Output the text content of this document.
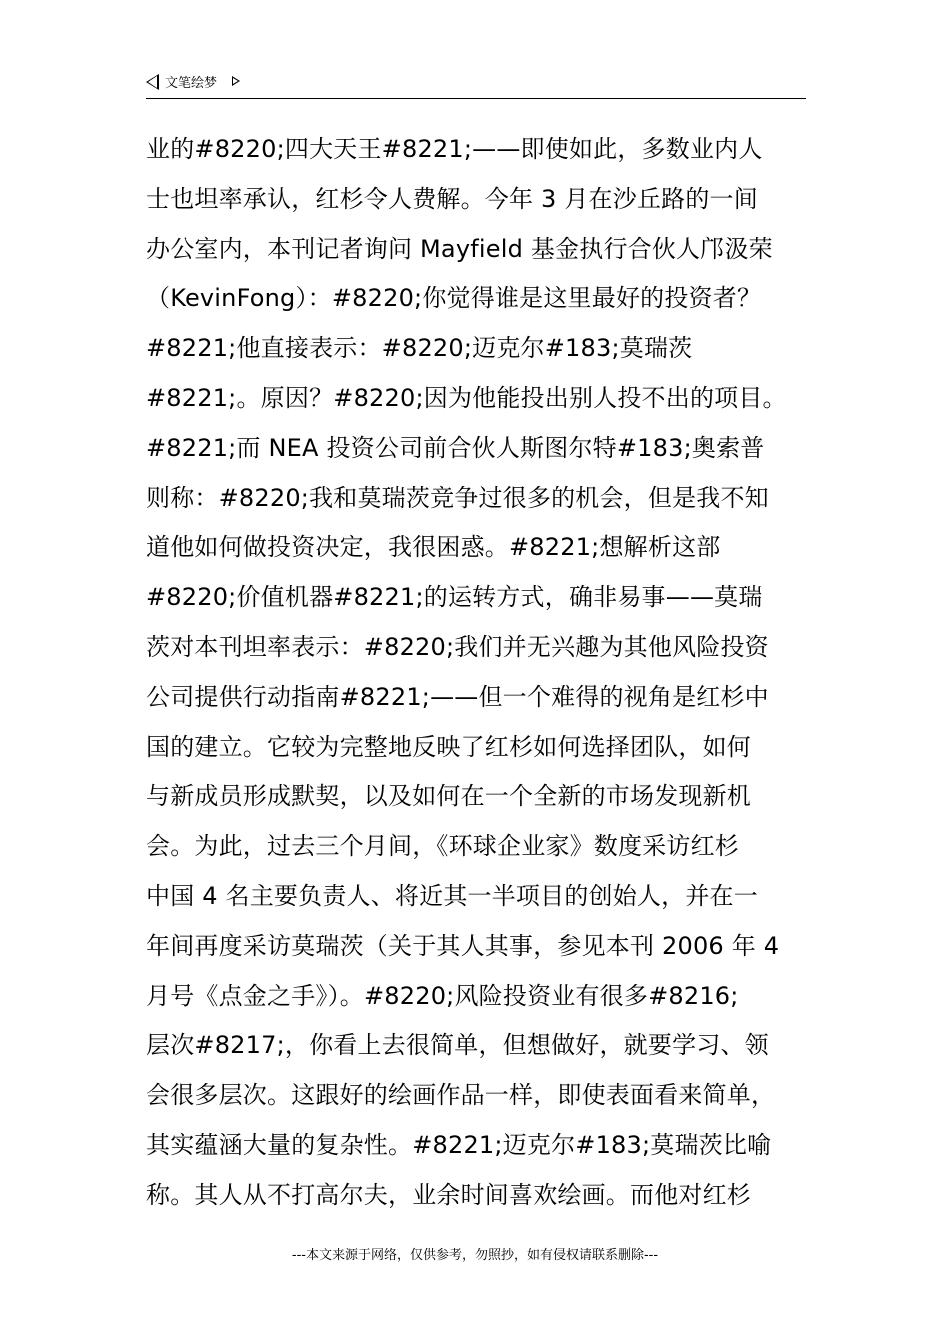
文笔绘梦
业的#8220;四大天王#8221;——即使如此，多数业内人
士也坦率承认，红杉令人费解。今年 3 月在沙丘路的一间
办公室内，本刊记者询问 Mayfield 基金执行合伙人邝汲荣
（KevinFong）：#8220;你觉得谁是这里最好的投资者？
#8221;他直接表示：#8220;迈克尔#183;莫瑞茨
#8221;。原因？#8220;因为他能投出别人投不出的项目。
#8221;而 NEA 投资公司前合伙人斯图尔特#183;奥索普
则称：#8220;我和莫瑞茨竞争过很多的机会，但是我不知
道他如何做投资决定，我很困惑。#8221;想解析这部
#8220;价值机器#8221;的运转方式，确非易事——莫瑞
茨对本刊坦率表示：#8220;我们并无兴趣为其他风险投资
公司提供行动指南#8221;——但一个难得的视角是红杉中
国的建立。它较为完整地反映了红杉如何选择团队，如何
与新成员形成默契，以及如何在一个全新的市场发现新机
会。为此，过去三个月间，《环球企业家》数度采访红杉
中国 4 名主要负责人、将近其一半项目的创始人，并在一
年间再度采访莫瑞茨（关于其人其事，参见本刊 2006 年 4
月号《点金之手》）。#8220;风险投资业有很多#8216;
层次#8217;，你看上去很简单，但想做好，就要学习、领
会很多层次。这跟好的绘画作品一样，即使表面看来简单，
其实蕴涵大量的复杂性。#8221;迈克尔#183;莫瑞茨比喻
称。其人从不打高尔夫，业余时间喜欢绘画。而他对红杉
---本文来源于网络，仅供参考，勿照抄，如有侵权请联系删除---
